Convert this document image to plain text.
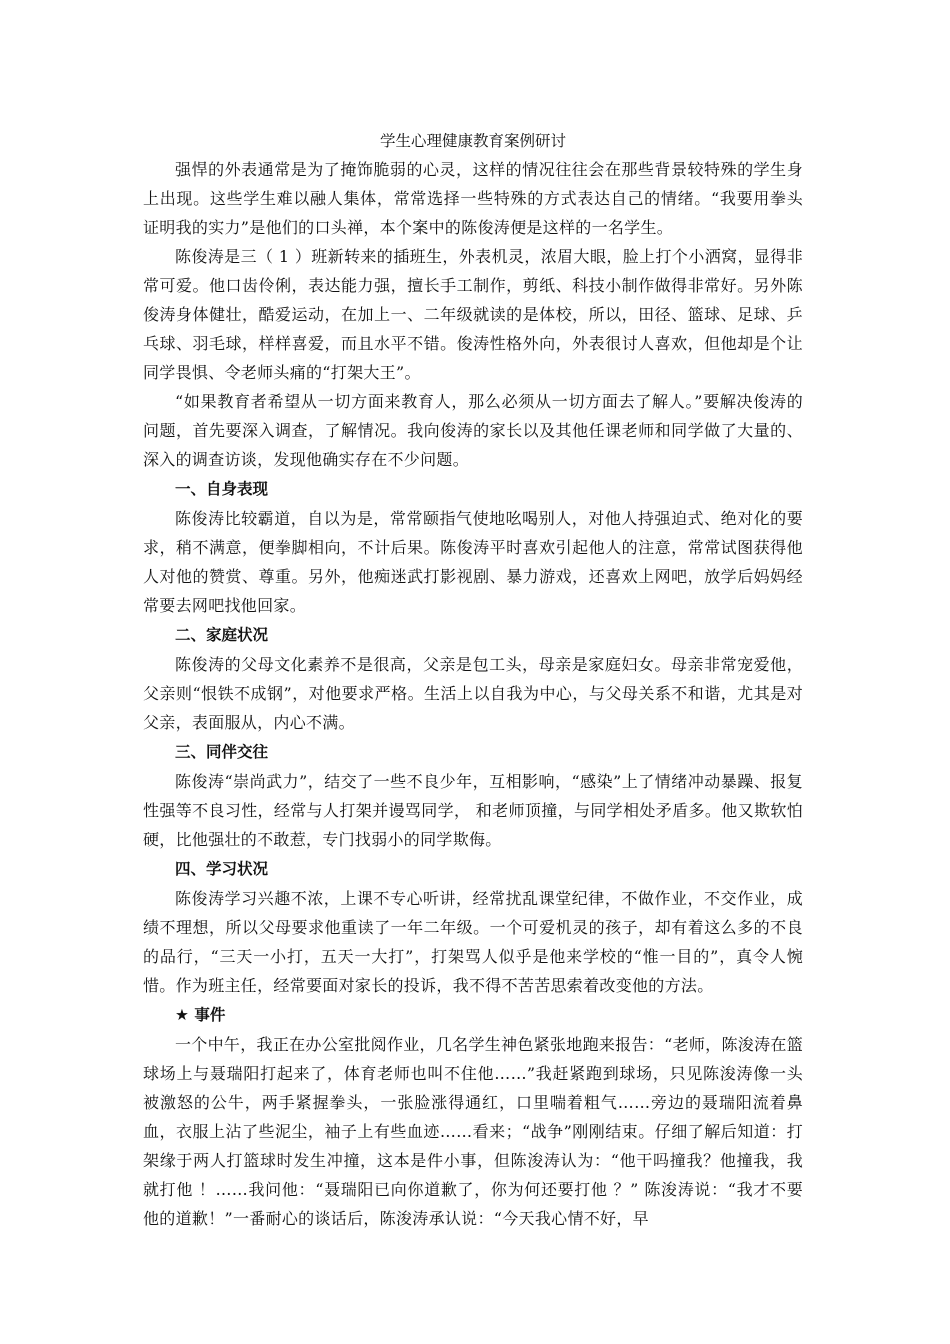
学生心理健康教育案例研讨

强悍的外表通常是为了掩饰脆弱的心灵，这样的情况往往会在那些背景较特殊的学生身上出现。这些学生难以融人集体，常常选择一些特殊的方式表达自己的情绪。“我要用拳头证明我的实力”是他们的口头禅，本个案中的陈俊涛便是这样的一名学生。

陈俊涛是三（ 1 ）班新转来的插班生，外表机灵，浓眉大眼，脸上打个小洒窝，显得非常可爱。他口齿伶俐，表达能力强，擅长手工制作，剪纸、科技小制作做得非常好。另外陈俊涛身体健壮，酷爱运动，在加上一、二年级就读的是体校，所以，田径、篮球、足球、乒乓球、羽毛球，样样喜爱，而且水平不错。俊涛性格外向，外表很讨人喜欢，但他却是个让同学畏惧、令老师头痛的“打架大王”。

“如果教育者希望从一切方面来教育人，那么必须从一切方面去了解人。”要解决俊涛的问题，首先要深入调查，了解情况。我向俊涛的家长以及其他任课老师和同学做了大量的、深入的调查访谈，发现他确实存在不少问题。

一、自身表现

陈俊涛比较霸道，自以为是，常常颐指气使地吆喝别人，对他人持强迫式、绝对化的要求，稍不满意，便拳脚相向，不计后果。陈俊涛平时喜欢引起他人的注意，常常试图获得他人对他的赞赏、尊重。另外，他痴迷武打影视剧、暴力游戏，还喜欢上网吧，放学后妈妈经常要去网吧找他回家。

二、家庭状况

陈俊涛的父母文化素养不是很高，父亲是包工头，母亲是家庭妇女。母亲非常宠爱他，父亲则“恨铁不成钢”，对他要求严格。生活上以自我为中心，与父母关系不和谐，尤其是对父亲，表面服从，内心不满。

三、同伴交往

陈俊涛“崇尚武力”，结交了一些不良少年，互相影响，“感染”上了情绪冲动暴躁、报复性强等不良习性，经常与人打架并谩骂同学， 和老师顶撞，与同学相处矛盾多。他又欺软怕硬，比他强壮的不敢惹，专门找弱小的同学欺侮。

四、学习状况

陈俊涛学习兴趣不浓，上课不专心听讲，经常扰乱课堂纪律，不做作业，不交作业，成绩不理想，所以父母要求他重读了一年二年级。一个可爱机灵的孩子，却有着这么多的不良的品行，“三天一小打，五天一大打”，打架骂人似乎是他来学校的“惟一目的”，真令人惋惜。作为班主任，经常要面对家长的投诉，我不得不苦苦思索着改变他的方法。

★ 事件

一个中午，我正在办公室批阅作业，几名学生神色紧张地跑来报告：“老师，陈浚涛在篮球场上与聂瑞阳打起来了，体育老师也叫不住他……”我赶紧跑到球场，只见陈浚涛像一头被激怒的公牛，两手紧握拳头，一张脸涨得通红，口里喘着粗气……旁边的聂瑞阳流着鼻血，衣服上沾了些泥尘，袖子上有些血迹……看来；“战争”刚刚结束。仔细了解后知道：打架缘于两人打篮球时发生冲撞，这本是件小事，但陈浚涛认为：“他干吗撞我？他撞我，我就打他 ！……我问他：“聂瑞阳已向你道歉了，你为何还要打他 ？” 陈浚涛说：“我才不要他的道歉！”一番耐心的谈话后，陈浚涛承认说：“今天我心情不好，早
